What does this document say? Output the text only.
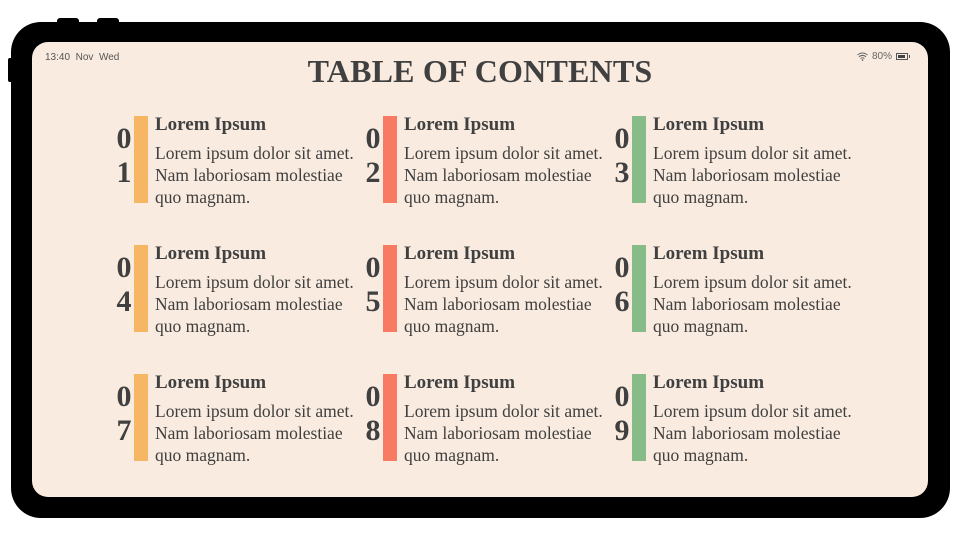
13:40 Nov Wed	80%
TABLE OF CONTENTS
0
1
Lorem Ipsum
Lorem ipsum dolor sit amet. Nam laboriosam molestiae quo magnam.
0
2
Lorem Ipsum
Lorem ipsum dolor sit amet. Nam laboriosam molestiae quo magnam.
0
3
Lorem Ipsum
Lorem ipsum dolor sit amet. Nam laboriosam molestiae quo magnam.
0
4
Lorem Ipsum
Lorem ipsum dolor sit amet. Nam laboriosam molestiae quo magnam.
0
5
Lorem Ipsum
Lorem ipsum dolor sit amet. Nam laboriosam molestiae quo magnam.
0
6
Lorem Ipsum
Lorem ipsum dolor sit amet. Nam laboriosam molestiae quo magnam.
0
7
Lorem Ipsum
Lorem ipsum dolor sit amet. Nam laboriosam molestiae quo magnam.
0
8
Lorem Ipsum
Lorem ipsum dolor sit amet. Nam laboriosam molestiae quo magnam.
0
9
Lorem Ipsum
Lorem ipsum dolor sit amet. Nam laboriosam molestiae quo magnam.
